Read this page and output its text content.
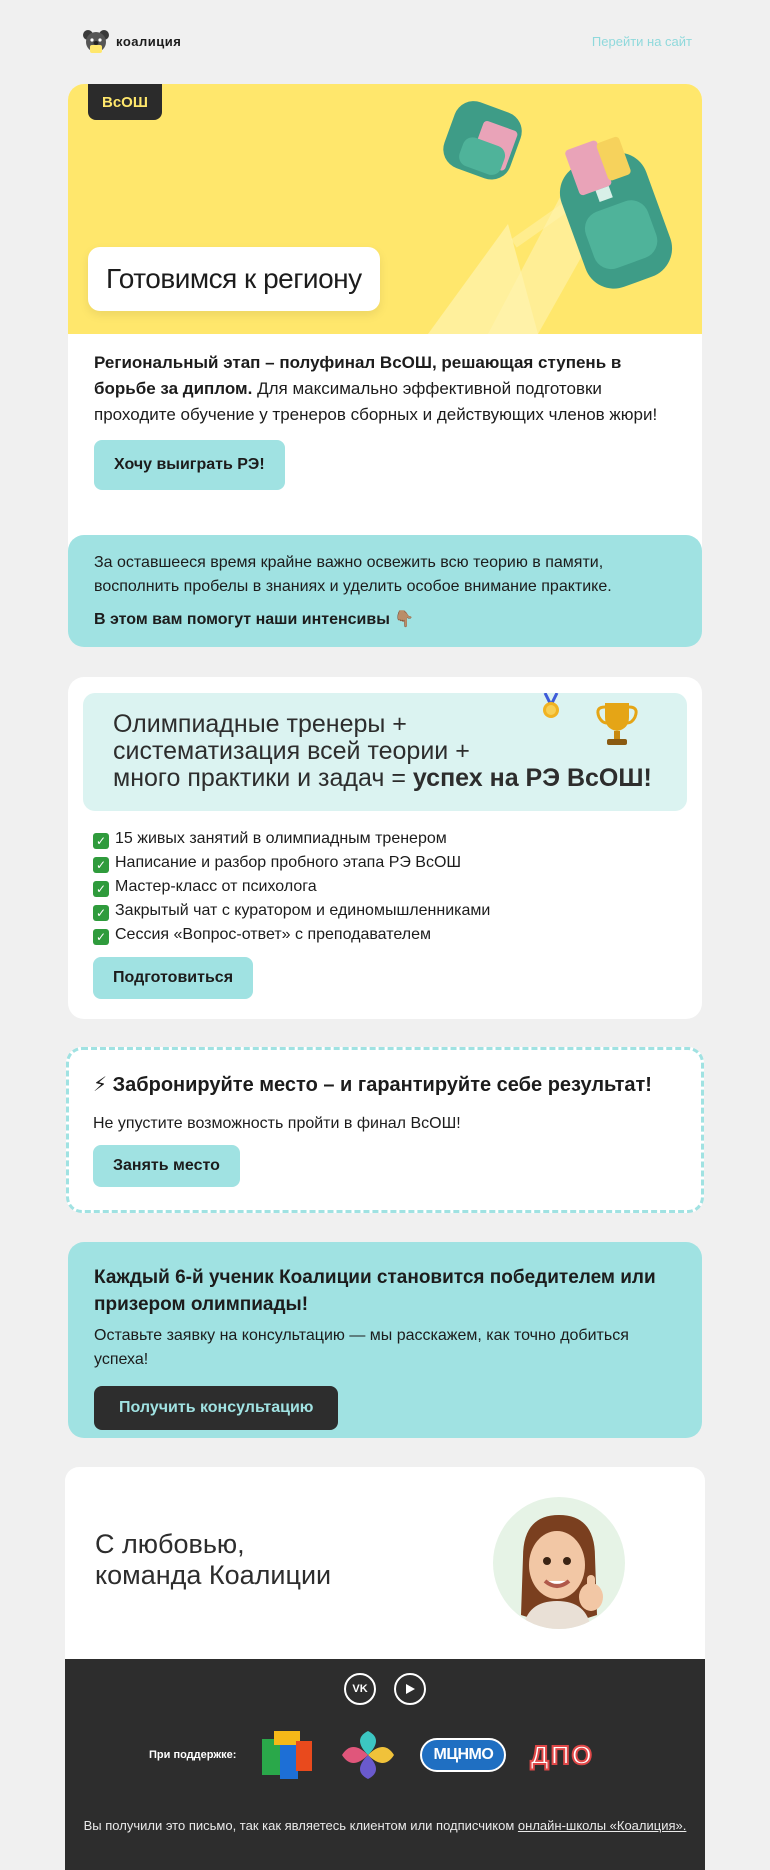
коалиция	Перейти на сайт
ВсОШ
Готовимся к региону

Региональный этап – полуфинал ВсОШ, решающая ступень в борьбе за диплом. Для максимально эффективной подготовки проходите обучение у тренеров сборных и действующих членов жюри!

Хочу выиграть РЭ!

За оставшееся время крайне важно освежить всю теорию в памяти, восполнить пробелы в знаниях и уделить особое внимание практике.

В этом вам помогут наши интенсивы 👇🏽

Олимпиадные тренеры +
систематизация всей теории +
много практики и задач = успех на РЭ ВсОШ!
✓ 15 живых занятий в олимпиадным тренером
✓ Написание и разбор пробного этапа РЭ ВсОШ
✓ Мастер-класс от психолога
✓ Закрытый чат с куратором и единомышленниками
✓ Сессия «Вопрос-ответ» с преподавателем
Подготовиться
⚡ Забронируйте место – и гарантируйте себе результат!

Не упустите возможность пройти в финал ВсОШ!

Занять место
Каждый 6-й ученик Коалиции становится победителем или призером олимпиады!

Оставьте заявку на консультацию — мы расскажем, как точно добиться успеха!

Получить консультацию
С любовью,
команда Коалиции
VK
При поддержке:	МЦНМО	ДПО
Вы получили это письмо, так как являетесь клиентом или подписчиком онлайн-школы «Коалиция».
